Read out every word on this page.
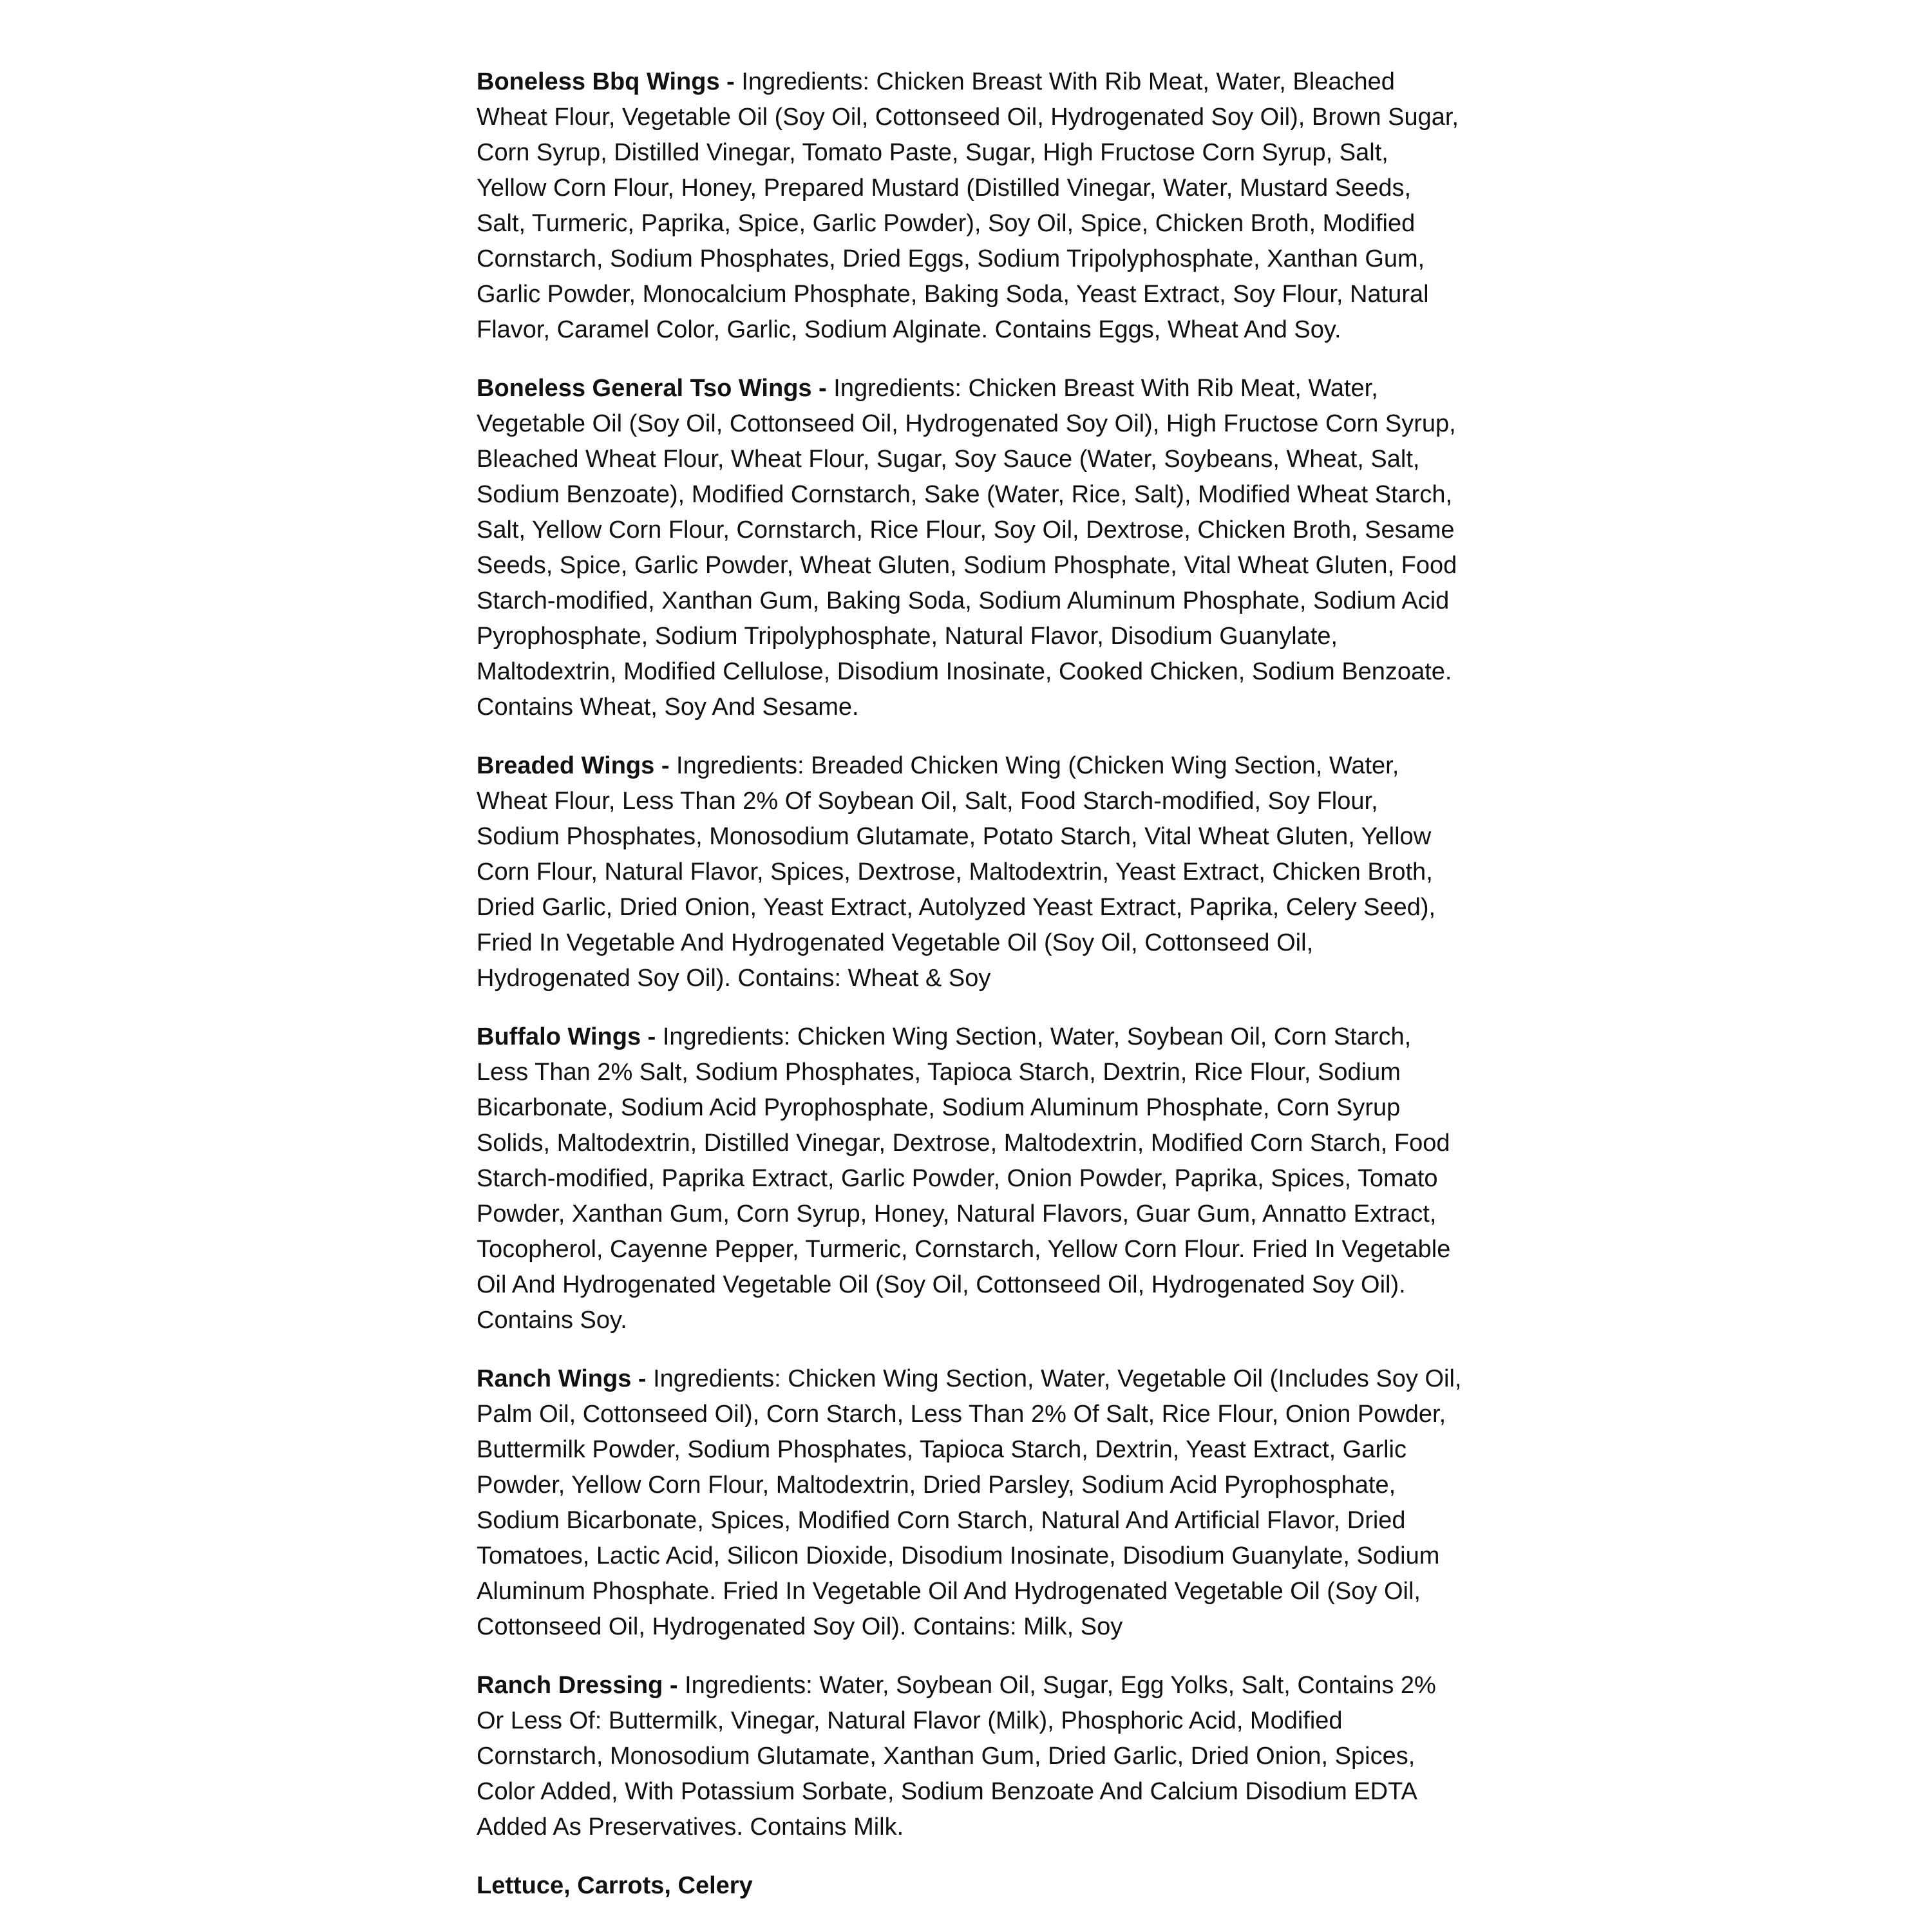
Boneless Bbq Wings - Ingredients: Chicken Breast With Rib Meat, Water, Bleached Wheat Flour, Vegetable Oil (Soy Oil, Cottonseed Oil, Hydrogenated Soy Oil), Brown Sugar, Corn Syrup, Distilled Vinegar, Tomato Paste, Sugar, High Fructose Corn Syrup, Salt, Yellow Corn Flour, Honey, Prepared Mustard (Distilled Vinegar, Water, Mustard Seeds, Salt, Turmeric, Paprika, Spice, Garlic Powder), Soy Oil, Spice, Chicken Broth, Modified Cornstarch, Sodium Phosphates, Dried Eggs, Sodium Tripolyphosphate, Xanthan Gum, Garlic Powder, Monocalcium Phosphate, Baking Soda, Yeast Extract, Soy Flour, Natural Flavor, Caramel Color, Garlic, Sodium Alginate. Contains Eggs, Wheat And Soy.

Boneless General Tso Wings - Ingredients: Chicken Breast With Rib Meat, Water, Vegetable Oil (Soy Oil, Cottonseed Oil, Hydrogenated Soy Oil), High Fructose Corn Syrup, Bleached Wheat Flour, Wheat Flour, Sugar, Soy Sauce (Water, Soybeans, Wheat, Salt, Sodium Benzoate), Modified Cornstarch, Sake (Water, Rice, Salt), Modified Wheat Starch, Salt, Yellow Corn Flour, Cornstarch, Rice Flour, Soy Oil, Dextrose, Chicken Broth, Sesame Seeds, Spice, Garlic Powder, Wheat Gluten, Sodium Phosphate, Vital Wheat Gluten, Food Starch-modified, Xanthan Gum, Baking Soda, Sodium Aluminum Phosphate, Sodium Acid Pyrophosphate, Sodium Tripolyphosphate, Natural Flavor, Disodium Guanylate, Maltodextrin, Modified Cellulose, Disodium Inosinate, Cooked Chicken, Sodium Benzoate. Contains Wheat, Soy And Sesame.

Breaded Wings - Ingredients: Breaded Chicken Wing (Chicken Wing Section, Water, Wheat Flour, Less Than 2% Of Soybean Oil, Salt, Food Starch-modified, Soy Flour, Sodium Phosphates, Monosodium Glutamate, Potato Starch, Vital Wheat Gluten, Yellow Corn Flour, Natural Flavor, Spices, Dextrose, Maltodextrin, Yeast Extract, Chicken Broth, Dried Garlic, Dried Onion, Yeast Extract, Autolyzed Yeast Extract, Paprika, Celery Seed), Fried In Vegetable And Hydrogenated Vegetable Oil (Soy Oil, Cottonseed Oil, Hydrogenated Soy Oil). Contains: Wheat & Soy

Buffalo Wings - Ingredients: Chicken Wing Section, Water, Soybean Oil, Corn Starch, Less Than 2% Salt, Sodium Phosphates, Tapioca Starch, Dextrin, Rice Flour, Sodium Bicarbonate, Sodium Acid Pyrophosphate, Sodium Aluminum Phosphate, Corn Syrup Solids, Maltodextrin, Distilled Vinegar, Dextrose, Maltodextrin, Modified Corn Starch, Food Starch-modified, Paprika Extract, Garlic Powder, Onion Powder, Paprika, Spices, Tomato Powder, Xanthan Gum, Corn Syrup, Honey, Natural Flavors, Guar Gum, Annatto Extract, Tocopherol, Cayenne Pepper, Turmeric, Cornstarch, Yellow Corn Flour. Fried In Vegetable Oil And Hydrogenated Vegetable Oil (Soy Oil, Cottonseed Oil, Hydrogenated Soy Oil). Contains Soy.

Ranch Wings - Ingredients: Chicken Wing Section, Water, Vegetable Oil (Includes Soy Oil, Palm Oil, Cottonseed Oil), Corn Starch, Less Than 2% Of Salt, Rice Flour, Onion Powder, Buttermilk Powder, Sodium Phosphates, Tapioca Starch, Dextrin, Yeast Extract, Garlic Powder, Yellow Corn Flour, Maltodextrin, Dried Parsley, Sodium Acid Pyrophosphate, Sodium Bicarbonate, Spices, Modified Corn Starch, Natural And Artificial Flavor, Dried Tomatoes, Lactic Acid, Silicon Dioxide, Disodium Inosinate, Disodium Guanylate, Sodium Aluminum Phosphate. Fried In Vegetable Oil And Hydrogenated Vegetable Oil (Soy Oil, Cottonseed Oil, Hydrogenated Soy Oil). Contains: Milk, Soy

Ranch Dressing - Ingredients: Water, Soybean Oil, Sugar, Egg Yolks, Salt, Contains 2% Or Less Of: Buttermilk, Vinegar, Natural Flavor (Milk), Phosphoric Acid, Modified Cornstarch, Monosodium Glutamate, Xanthan Gum, Dried Garlic, Dried Onion, Spices, Color Added, With Potassium Sorbate, Sodium Benzoate And Calcium Disodium EDTA Added As Preservatives. Contains Milk.

Lettuce, Carrots, Celery
